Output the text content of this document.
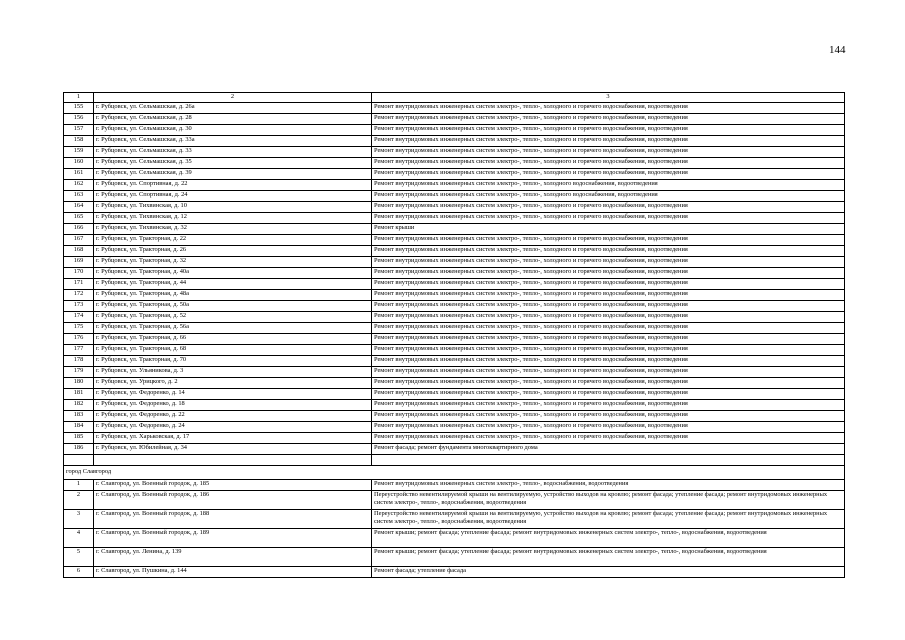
144
1	2	3
155	г. Рубцовск, ул. Сельмашская, д. 26а	Ремонт внутридомовых инженерных систем электро-, тепло-, холодного и горячего водоснабжения, водоотведения
156	г. Рубцовск, ул. Сельмашская, д. 28	Ремонт внутридомовых инженерных систем электро-, тепло-, холодного и горячего водоснабжения, водоотведения
157	г. Рубцовск, ул. Сельмашская, д. 30	Ремонт внутридомовых инженерных систем электро-, тепло-, холодного и горячего водоснабжения, водоотведения
158	г. Рубцовск, ул. Сельмашская, д. 33а	Ремонт внутридомовых инженерных систем электро-, тепло-, холодного и горячего водоснабжения, водоотведения
159	г. Рубцовск, ул. Сельмашская, д. 33	Ремонт внутридомовых инженерных систем электро-, тепло-, холодного и горячего водоснабжения, водоотведения
160	г. Рубцовск, ул. Сельмашская, д. 35	Ремонт внутридомовых инженерных систем электро-, тепло-, холодного и горячего водоснабжения, водоотведения
161	г. Рубцовск, ул. Сельмашская, д. 39	Ремонт внутридомовых инженерных систем электро-, тепло-, холодного и горячего водоснабжения, водоотведения
162	г. Рубцовск, ул. Спортивная, д. 22	Ремонт внутридомовых инженерных систем электро-, тепло-, холодного водоснабжения, водоотведения
163	г. Рубцовск, ул. Спортивная, д. 24	Ремонт внутридомовых инженерных систем электро-, тепло-, холодного водоснабжения, водоотведения
164	г. Рубцовск, ул. Тихвинская, д. 10	Ремонт внутридомовых инженерных систем электро-, тепло-, холодного и горячего водоснабжения, водоотведения
165	г. Рубцовск, ул. Тихвинская, д. 12	Ремонт внутридомовых инженерных систем электро-, тепло-, холодного и горячего водоснабжения, водоотведения
166	г. Рубцовск, ул. Тихвинская, д. 32	Ремонт крыши
167	г. Рубцовск, ул. Тракторная, д. 22	Ремонт внутридомовых инженерных систем электро-, тепло-, холодного и горячего водоснабжения, водоотведения
168	г. Рубцовск, ул. Тракторная, д. 26	Ремонт внутридомовых инженерных систем электро-, тепло-, холодного и горячего водоснабжения, водоотведения
169	г. Рубцовск, ул. Тракторная, д. 32	Ремонт внутридомовых инженерных систем электро-, тепло-, холодного и горячего водоснабжения, водоотведения
170	г. Рубцовск, ул. Тракторная, д. 40а	Ремонт внутридомовых инженерных систем электро-, тепло-, холодного и горячего водоснабжения, водоотведения
171	г. Рубцовск, ул. Тракторная, д. 44	Ремонт внутридомовых инженерных систем электро-, тепло-, холодного и горячего водоснабжения, водоотведения
172	г. Рубцовск, ул. Тракторная, д. 48а	Ремонт внутридомовых инженерных систем электро-, тепло-, холодного и горячего водоснабжения, водоотведения
173	г. Рубцовск, ул. Тракторная, д. 50а	Ремонт внутридомовых инженерных систем электро-, тепло-, холодного и горячего водоснабжения, водоотведения
174	г. Рубцовск, ул. Тракторная, д. 52	Ремонт внутридомовых инженерных систем электро-, тепло-, холодного и горячего водоснабжения, водоотведения
175	г. Рубцовск, ул. Тракторная, д. 56а	Ремонт внутридомовых инженерных систем электро-, тепло-, холодного и горячего водоснабжения, водоотведения
176	г. Рубцовск, ул. Тракторная, д. 66	Ремонт внутридомовых инженерных систем электро-, тепло-, холодного и горячего водоснабжения, водоотведения
177	г. Рубцовск, ул. Тракторная, д. 68	Ремонт внутридомовых инженерных систем электро-, тепло-, холодного и горячего водоснабжения, водоотведения
178	г. Рубцовск, ул. Тракторная, д. 70	Ремонт внутридомовых инженерных систем электро-, тепло-, холодного и горячего водоснабжения, водоотведения
179	г. Рубцовск, ул. Ульяникова, д. 3	Ремонт внутридомовых инженерных систем электро-, тепло-, холодного и горячего водоснабжения, водоотведения
180	г. Рубцовск, ул. Урицкого, д. 2	Ремонт внутридомовых инженерных систем электро-, тепло-, холодного и горячего водоснабжения, водоотведения
181	г. Рубцовск, ул. Федоренко, д. 14	Ремонт внутридомовых инженерных систем электро-, тепло-, холодного и горячего водоснабжения, водоотведения
182	г. Рубцовск, ул. Федоренко, д. 18	Ремонт внутридомовых инженерных систем электро-, тепло-, холодного и горячего водоснабжения, водоотведения
183	г. Рубцовск, ул. Федоренко, д. 22	Ремонт внутридомовых инженерных систем электро-, тепло-, холодного и горячего водоснабжения, водоотведения
184	г. Рубцовск, ул. Федоренко, д. 24	Ремонт внутридомовых инженерных систем электро-, тепло-, холодного и горячего водоснабжения, водоотведения
185	г. Рубцовск, ул. Харьковская, д. 17	Ремонт внутридомовых инженерных систем электро-, тепло-, холодного и горячего водоснабжения, водоотведения
186	г. Рубцовск, ул. Юбилейная, д. 34	Ремонт фасада; ремонт фундамента многоквартирного дома

город Славгород		
1	г. Славгород, ул. Военный городок, д. 185	Ремонт внутридомовых инженерных систем электро-, тепло-, водоснабжения, водоотведения
2	г. Славгород, ул. Военный городок, д. 186	Переустройство невентилируемой крыши на вентилируемую, устройство выходов на кровлю; ремонт фасада; утепление фасада; ремонт внутридомовых инженерных систем электро-, тепло-, водоснабжения, водоотведения
3	г. Славгород, ул. Военный городок, д. 188	Переустройство невентилируемой крыши на вентилируемую, устройство выходов на кровлю; ремонт фасада; утепление фасада; ремонт внутридомовых инженерных систем электро-, тепло-, водоснабжения, водоотведения
4	г. Славгород, ул. Военный городок, д. 189	Ремонт крыши; ремонт фасада; утепление фасада; ремонт внутридомовых инженерных систем электро-, тепло-, водоснабжения, водоотведения
5	г. Славгород, ул. Ленина, д. 139	Ремонт крыши; ремонт фасада; утепление фасада; ремонт внутридомовых инженерных систем электро-, тепло-, водоснабжения, водоотведения
6	г. Славгород, ул. Пушкина, д. 144	Ремонт фасада; утепление фасада
